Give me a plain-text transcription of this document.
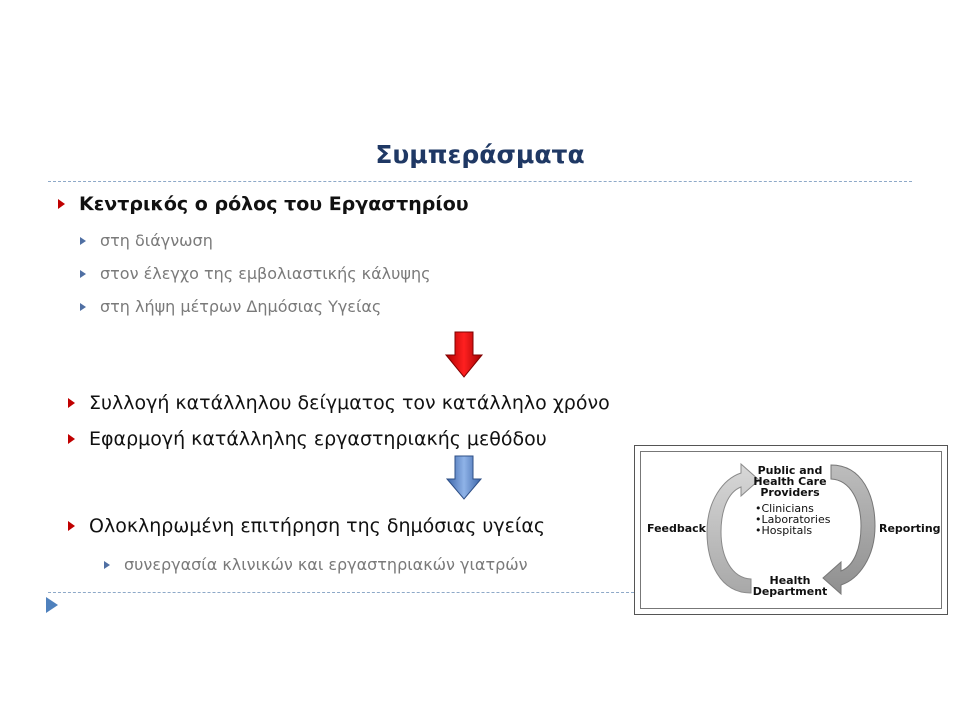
Συμπεράσματα
Κεντρικός ο ρόλος του Εργαστηρίου
στη διάγνωση
στον έλεγχο της εμβολιαστικής κάλυψης
στη λήψη μέτρων Δημόσιας Υγείας
Συλλογή κατάλληλου δείγματος τον κατάλληλο χρόνο
Εφαρμογή κατάλληλης εργαστηριακής μεθόδου
Ολοκληρωμένη επιτήρηση της δημόσιας υγείας
συνεργασία κλινικών και εργαστηριακών γιατρών
Public and
Health Care
Providers
•Clinicians
•Laboratories
•Hospitals
Feedback	Reporting
Health
Department
